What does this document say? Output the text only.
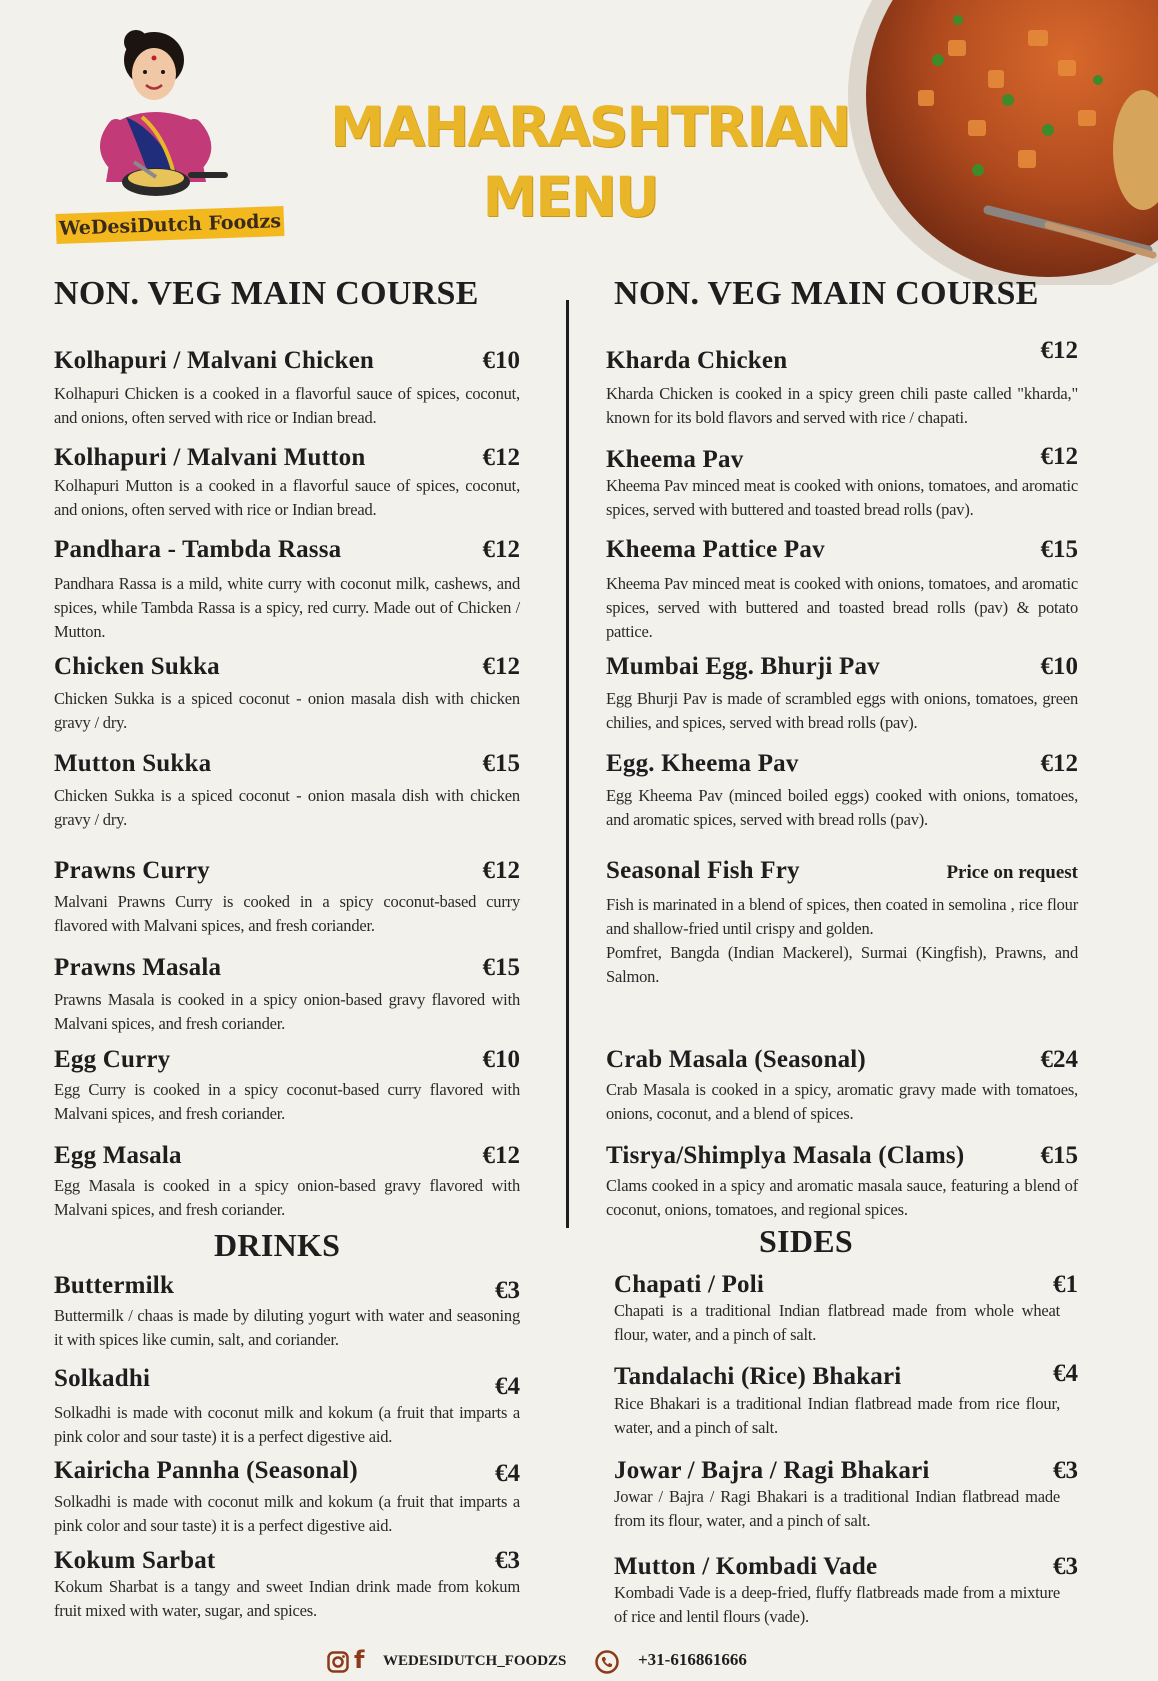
WeDesiDutch Foodzs
MAHARASHTRIAN
MENU
NON. VEG MAIN COURSE	NON. VEG MAIN COURSE
Kolhapuri / Malvani Chicken	€10
Kolhapuri Chicken is a cooked in a flavorful sauce of spices, coconut, and onions, often served with rice or Indian bread.
Kolhapuri / Malvani Mutton	€12
Kolhapuri Mutton is a cooked in a flavorful sauce of spices, coconut, and onions, often served with rice or Indian bread.
Pandhara - Tambda Rassa	€12
Pandhara Rassa is a mild, white curry with coconut milk, cashews, and spices, while Tambda Rassa is a spicy, red curry. Made out of Chicken / Mutton.
Chicken Sukka	€12
Chicken Sukka is a spiced coconut - onion masala dish with chicken gravy / dry.
Mutton Sukka	€15
Chicken Sukka is a spiced coconut - onion masala dish with chicken gravy / dry.
Prawns Curry	€12
Malvani Prawns Curry is cooked in a spicy coconut-based curry flavored with Malvani spices, and fresh coriander.
Prawns Masala	€15
Prawns Masala is cooked in a spicy onion-based gravy flavored with Malvani spices, and fresh coriander.
Egg Curry	€10
Egg Curry is cooked in a spicy coconut-based curry flavored with Malvani spices, and fresh coriander.
Egg Masala	€12
Egg Masala is cooked in a spicy onion-based gravy flavored with Malvani spices, and fresh coriander.
Kharda Chicken	€12
Kharda Chicken is cooked in a spicy green chili paste called "kharda," known for its bold flavors and served with rice / chapati.
Kheema Pav	€12
Kheema Pav minced meat is cooked with onions, tomatoes, and aromatic spices, served with buttered and toasted bread rolls (pav).
Kheema Pattice Pav	€15
Kheema Pav minced meat is cooked with onions, tomatoes, and aromatic spices, served with buttered and toasted bread rolls (pav) & potato pattice.
Mumbai Egg. Bhurji Pav	€10
Egg Bhurji Pav is made of scrambled eggs with onions, tomatoes, green chilies, and spices, served with bread rolls (pav).
Egg. Kheema Pav	€12
Egg Kheema Pav (minced boiled eggs) cooked with onions, tomatoes, and aromatic spices, served with bread rolls (pav).
Seasonal Fish Fry	Price on request
Fish is marinated in a blend of spices, then coated in semolina , rice flour and shallow-fried until crispy and golden.
Pomfret, Bangda (Indian Mackerel), Surmai (Kingfish), Prawns, and Salmon.
Crab Masala (Seasonal)	€24
Crab Masala is cooked in a spicy, aromatic gravy made with tomatoes, onions, coconut, and a blend of spices.
Tisrya/Shimplya Masala (Clams)	€15
Clams cooked in a spicy and aromatic masala sauce, featuring a blend of coconut, onions, tomatoes, and regional spices.
DRINKS	SIDES
Buttermilk	€3
Buttermilk / chaas is made by diluting yogurt with water and seasoning it with spices like cumin, salt, and coriander.
Solkadhi	€4
Solkadhi is made with coconut milk and kokum (a fruit that imparts a pink color and sour taste) it is a perfect digestive aid.
Kairicha Pannha (Seasonal)	€4
Solkadhi is made with coconut milk and kokum (a fruit that imparts a pink color and sour taste) it is a perfect digestive aid.
Kokum Sarbat	€3
Kokum Sharbat is a tangy and sweet Indian drink made from kokum fruit mixed with water, sugar, and spices.
Chapati / Poli	€1
Chapati is a traditional Indian flatbread made from whole wheat flour, water, and a pinch of salt.
Tandalachi (Rice) Bhakari	€4
Rice Bhakari is a traditional Indian flatbread made from rice flour, water, and a pinch of salt.
Jowar / Bajra / Ragi Bhakari	€3
Jowar / Bajra / Ragi Bhakari is a traditional Indian flatbread made from its flour, water, and a pinch of salt.
Mutton / Kombadi Vade	€3
Kombadi Vade is a deep-fried, fluffy flatbreads made from a mixture of rice and lentil flours (vade).
f WEDESIDUTCH_FOODZS	+31-616861666
